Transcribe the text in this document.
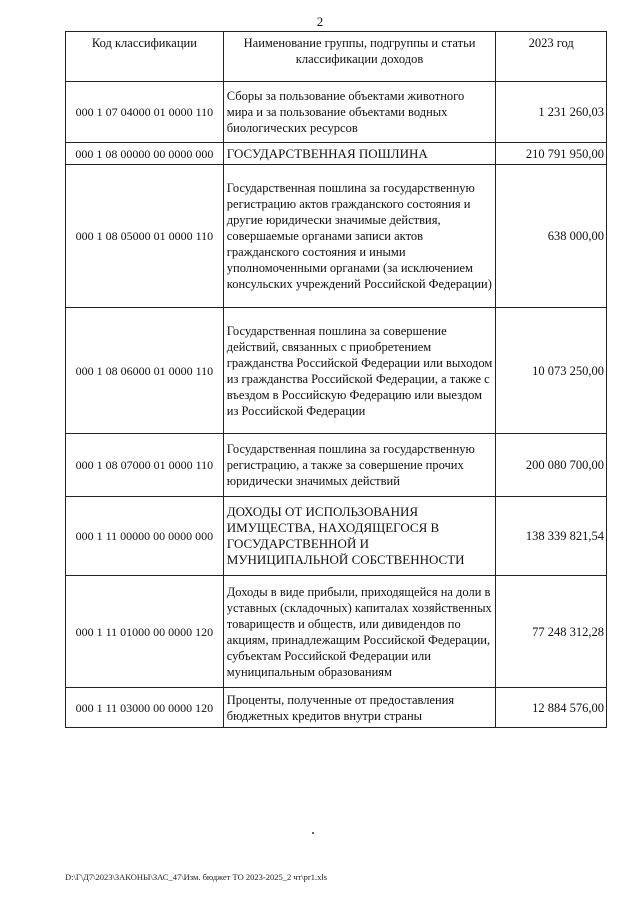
2
Код классификации	Наименование группы, подгруппы и статьи классификации доходов	2023 год
000 1 07 04000 01 0000 110	Сборы за пользование объектами животного мира и за пользование объектами водных биологических ресурсов	1 231 260,03
000 1 08 00000 00 0000 000	ГОСУДАРСТВЕННАЯ ПОШЛИНА	210 791 950,00
000 1 08 05000 01 0000 110	Государственная пошлина за государственную регистрацию актов гражданского состояния и другие юридически значимые действия, совершаемые органами записи актов гражданского состояния и иными уполномоченными органами (за исключением консульских учреждений Российской Федерации)	638 000,00
000 1 08 06000 01 0000 110	Государственная пошлина за совершение действий, связанных с приобретением гражданства Российской Федерации или выходом из гражданства Российской Федерации, а также с въездом в Российскую Федерацию или выездом из Российской Федерации	10 073 250,00
000 1 08 07000 01 0000 110	Государственная пошлина за государственную регистрацию, а также за совершение прочих юридически значимых действий	200 080 700,00
000 1 11 00000 00 0000 000	ДОХОДЫ ОТ ИСПОЛЬЗОВАНИЯ ИМУЩЕСТВА, НАХОДЯЩЕГОСЯ В ГОСУДАРСТВЕННОЙ И МУНИЦИПАЛЬНОЙ СОБСТВЕННОСТИ	138 339 821,54
000 1 11 01000 00 0000 120	Доходы в виде прибыли, приходящейся на доли в уставных (складочных) капиталах хозяйственных товариществ и обществ, или дивидендов по акциям, принадлежащим Российской Федерации, субъектам Российской Федерации или муниципальным образованиям	77 248 312,28
000 1 11 03000 00 0000 120	Проценты, полученные от предоставления бюджетных кредитов внутри страны	12 884 576,00
D:\Г\Д7\2023\ЗАКОНЫ\ЗАС_47\Изм. бюджет ТО 2023-2025_2 чт\pr1.xls
